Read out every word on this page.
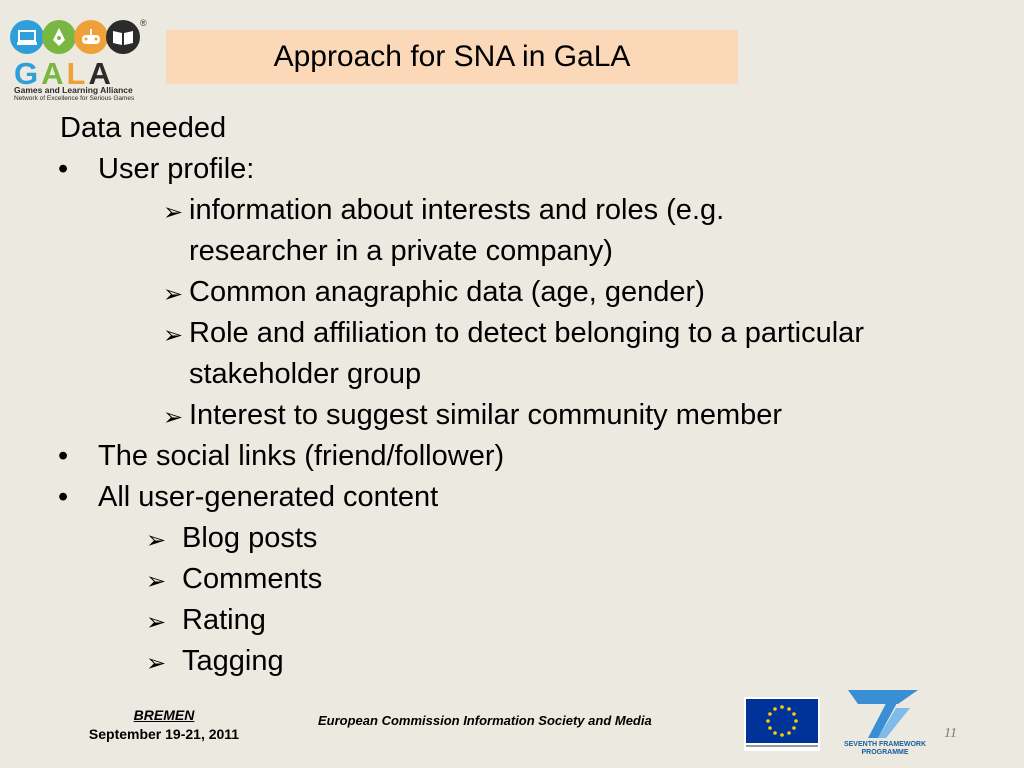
®
GALA
Games and Learning Alliance
Network of Excellence for Serious Games
Approach for SNA in GaLA
Data needed
• User profile:
➢ information about interests and roles (e.g.
researcher in a private company)
➢ Common anagraphic data (age, gender)
➢ Role and affiliation to detect belonging to a particular
stakeholder group
➢ Interest to suggest similar community member
• The social links (friend/follower)
• All user-generated content
➢ Blog posts
➢ Comments
➢ Rating
➢ Tagging
BREMEN
September 19-21, 2011
European Commission Information Society and Media
SEVENTH FRAMEWORK
PROGRAMME
11
